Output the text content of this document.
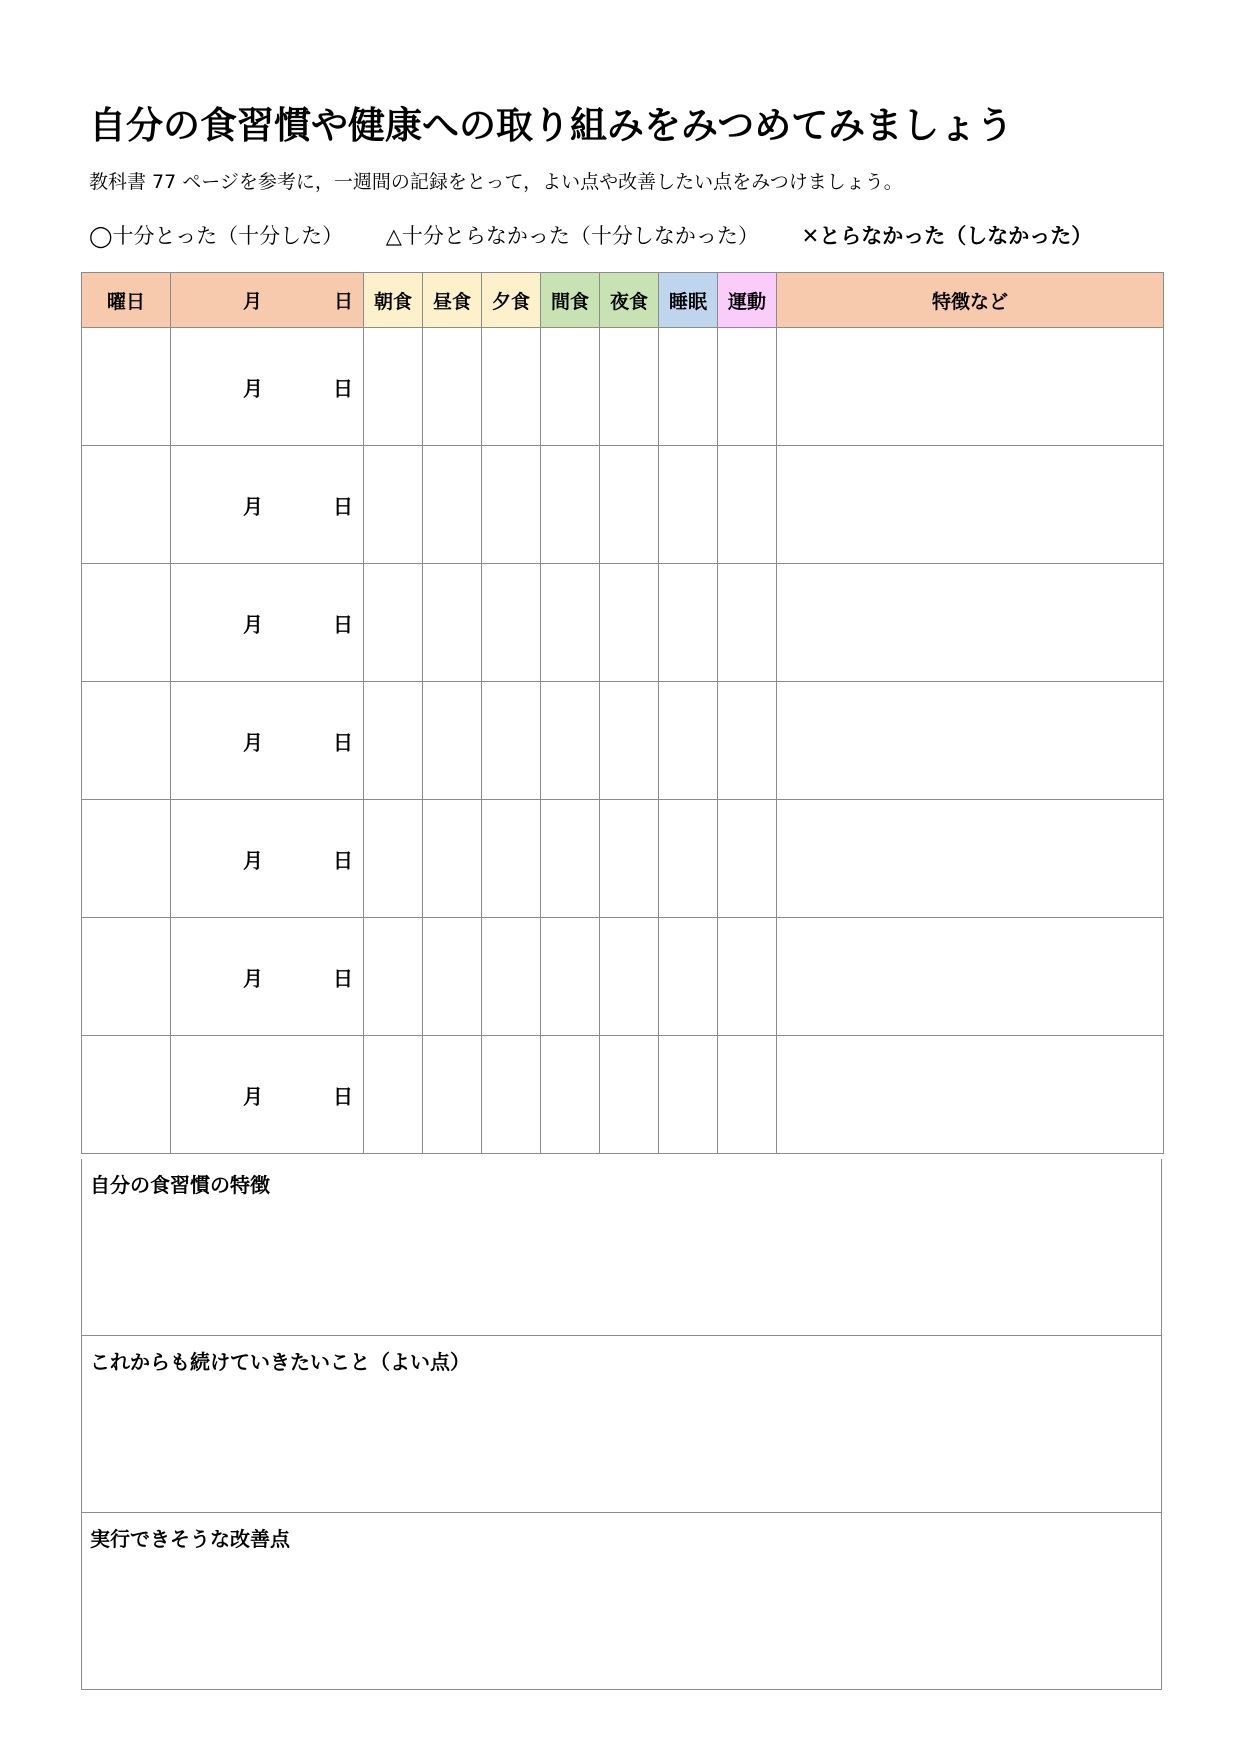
自分の食習慣や健康への取り組みをみつめてみましょう
教科書 77 ページを参考に，一週間の記録をとって，よい点や改善したい点をみつけましょう。
◯十分とった（十分した） △十分とらなかった（十分しなかった） ✕とらなかった（しなかった）
曜日	月 日	朝食	昼食	夕食	間食	夜食	睡眠	運動	特徴など

	月 日								

	月 日								

	月 日								

	月 日								

	月 日								

	月 日								

	月 日								

自分の食習慣の特徴
これからも続けていきたいこと（よい点）
実行できそうな改善点
